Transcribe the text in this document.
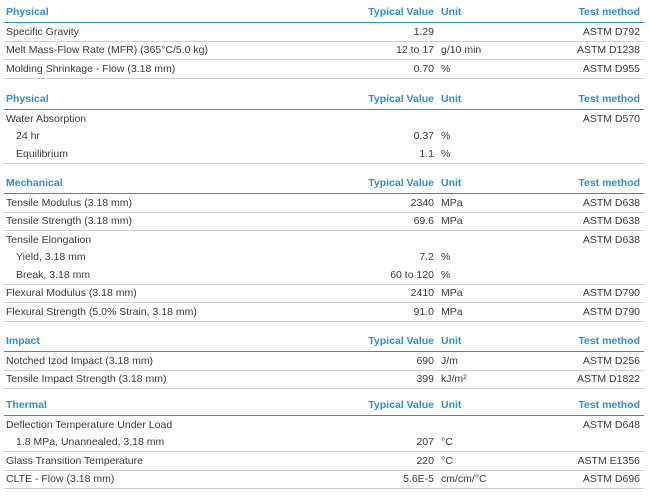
Physical	Typical Value Unit	Test method
Specific Gravity	1.29	ASTM D792
Melt Mass-Flow Rate (MFR) (365°C/5.0 kg)	12 to 17 g/10 min	ASTM D1238
Molding Shrinkage - Flow (3.18 mm)	0.70 %	ASTM D955
Physical	Typical Value Unit	Test method
Water Absorption	ASTM D570
24 hr	0.37 %
Equilibrium	1.1 %
Mechanical	Typical Value Unit	Test method
Tensile Modulus (3.18 mm)	2340 MPa	ASTM D638
Tensile Strength (3.18 mm)	69.6 MPa	ASTM D638
Tensile Elongation	ASTM D638
Yield, 3.18 mm	7.2 %
Break, 3.18 mm	60 to 120 %
Flexural Modulus (3.18 mm)	2410 MPa	ASTM D790
Flexural Strength (5.0% Strain, 3.18 mm)	91.0 MPa	ASTM D790
Impact	Typical Value Unit	Test method
Notched Izod Impact (3.18 mm)	690 J/m	ASTM D256
Tensile Impact Strength (3.18 mm)	399 kJ/m²	ASTM D1822
Thermal	Typical Value Unit	Test method
Deflection Temperature Under Load	ASTM D648
1.8 MPa, Unannealed, 3.18 mm	207 °C
Glass Transition Temperature	220 °C	ASTM E1356
CLTE - Flow (3.18 mm)	5.6E-5 cm/cm/°C	ASTM D696
